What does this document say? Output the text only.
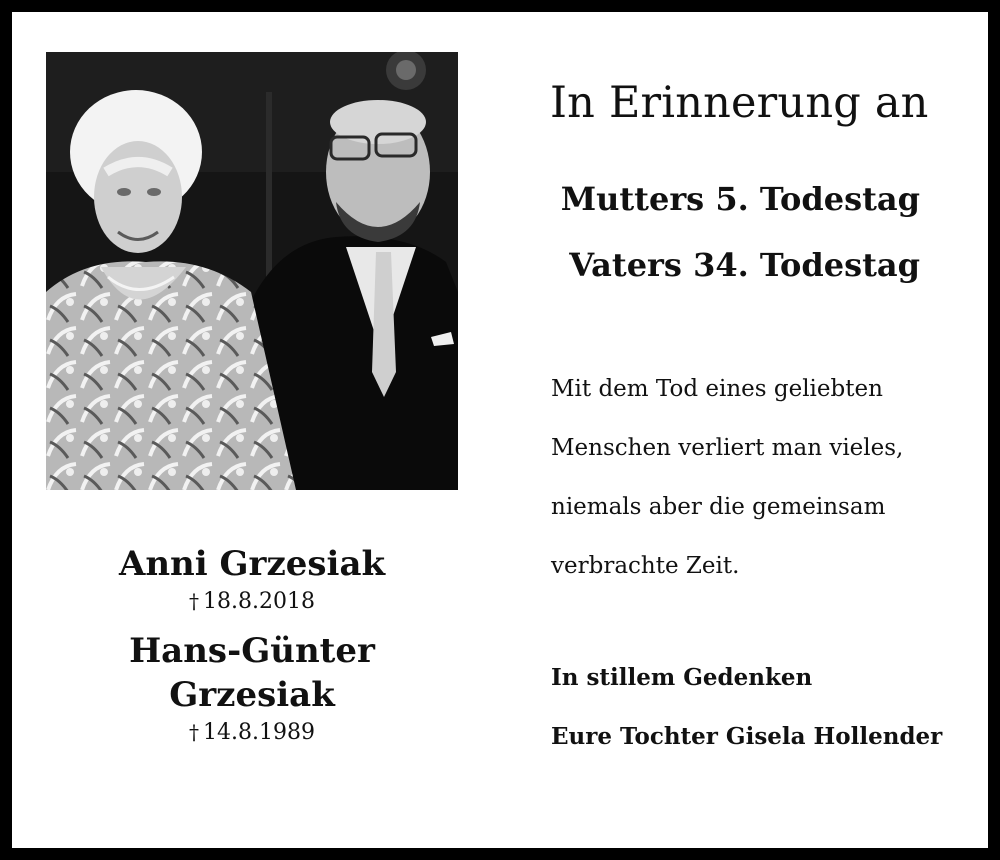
In Erinnerung an
Mutters 5. Todestag
Vaters 34. Todestag
Mit dem Tod eines geliebten
Menschen verliert man vieles,
niemals aber die gemeinsam
verbrachte Zeit.
In stillem Gedenken
Eure Tochter Gisela Hollender
Anni Grzesiak
† 18.8.2018
Hans-Günter
Grzesiak
† 14.8.1989
